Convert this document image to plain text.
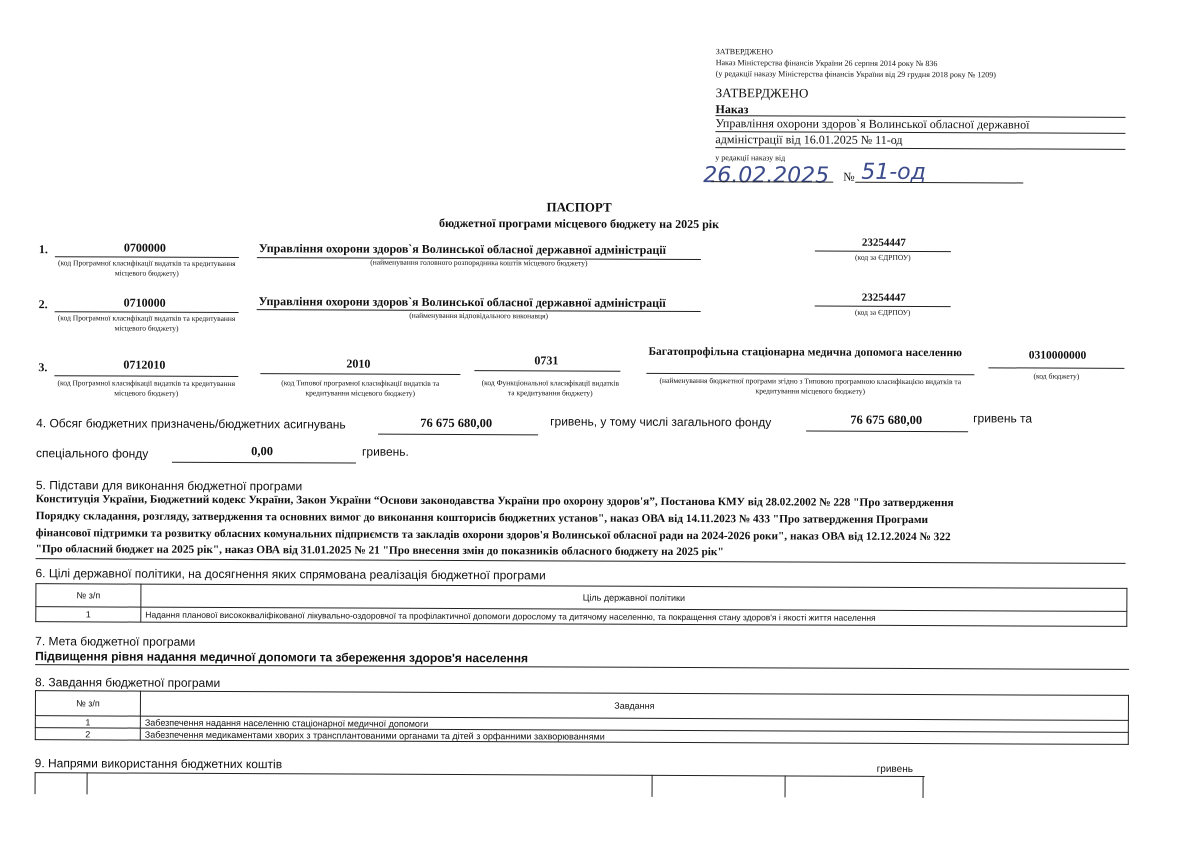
ЗАТВЕРДЖЕНО
Наказ Міністерства фінансів України 26 серпня 2014 року № 836
(у редакції наказу Міністерства фінансів України від 29 грудня 2018 року № 1209)
ЗАТВЕРДЖЕНО
Наказ
Управління охорони здоров`я Волинської обласної державної
адміністрації від 16.01.2025 № 11-од
у редакції наказу від
26.02.2025 № 51-од
ПАСПОРТ
бюджетної програми місцевого бюджету на 2025 рік
1.	0700000
(код Програмної класифікації видатків та кредитування місцевого бюджету)
Управління охорони здоров`я Волинської обласної державної адміністрації
(найменування головного розпорядника коштів місцевого бюджету)
23254447
(код за ЄДРПОУ)
2.	0710000
(код Програмної класифікації видатків та кредитування місцевого бюджету)
Управління охорони здоров`я Волинської обласної державної адміністрації
(найменування відповідального виконавця)
23254447
(код за ЄДРПОУ)
3.	0712010
(код Програмної класифікації видатків та кредитування місцевого бюджету)
2010
(код Типової програмної класифікації видатків та кредитування місцевого бюджету)
0731
(код Функціональної класифікації видатків та кредитування бюджету)
Багатопрофільна стаціонарна медична допомога населенню
(найменування бюджетної програми згідно з Типовою програмною класифікацією видатків та кредитування місцевого бюджету)
0310000000
(код бюджету)
4. Обсяг бюджетних призначень/бюджетних асигнувань	76 675 680,00	гривень, у тому числі загального фонду	76 675 680,00	гривень та
спеціального фонду	0,00	гривень.
5. Підстави для виконання бюджетної програми
Конституція України, Бюджетний кодекс України, Закон України “Основи законодавства України про охорону здоров'я”, Постанова КМУ від 28.02.2002 № 228 "Про затвердження
Порядку складання, розгляду, затвердження та основних вимог до виконання кошторисів бюджетних установ", наказ ОВА від 14.11.2023 № 433 "Про затвердження Програми
фінансової підтримки та розвитку обласних комунальних підприємств та закладів охорони здоров'я Волинської обласної ради на 2024-2026 роки", наказ ОВА від 12.12.2024 № 322
"Про обласний бюджет на 2025 рік", наказ ОВА від 31.01.2025 № 21 "Про внесення змін до показників обласного бюджету на 2025 рік"
6. Цілі державної політики, на досягнення яких спрямована реалізація бюджетної програми
№ з/п	Ціль державної політики
1	Надання планової висококваліфікованої лікувально-оздоровчої та профілактичної допомоги дорослому та дитячому населенню, та покращення стану здоров'я і якості життя населення
7. Мета бюджетної програми
Підвищення рівня надання медичної допомоги та збереження здоров'я населення
8. Завдання бюджетної програми
№ з/п	Завдання
1	Забезпечення надання населенню стаціонарної медичної допомоги
2	Забезпечення медикаментами хворих з трансплантованими органами та дітей з орфанними захворюваннями
9. Напрями використання бюджетних коштів	гривень
